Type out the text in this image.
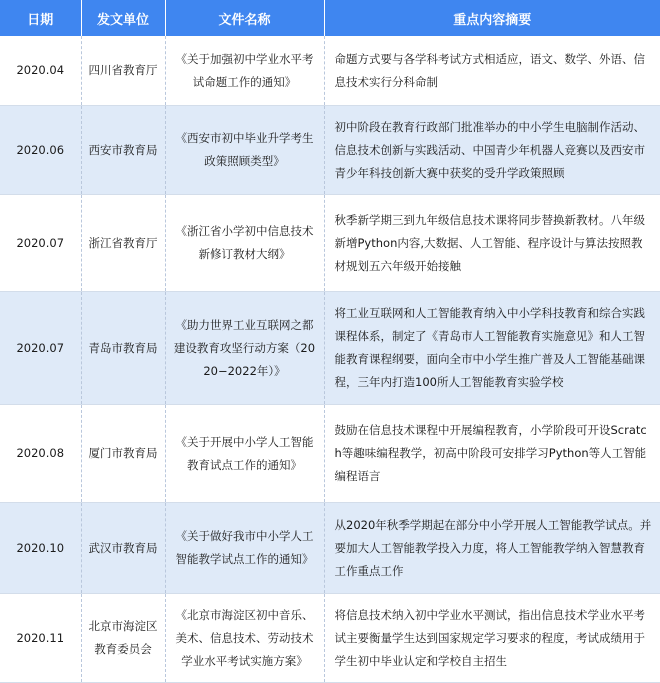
日期	发文单位	文件名称	重点内容摘要
2020.04	四川省教育厅	《关于加强初中学业水平考试命题工作的通知》	命题方式要与各学科考试方式相适应，语文、数学、外语、信息技术实行分科命制
2020.06	西安市教育局	《西安市初中毕业升学考生政策照顾类型》	初中阶段在教育行政部门批准举办的中小学生电脑制作活动、信息技术创新与实践活动、中国青少年机器人竞赛以及西安市青少年科技创新大赛中获奖的受升学政策照顾
2020.07	浙江省教育厅	《浙江省小学初中信息技术新修订教材大纲》	秋季新学期三到九年级信息技术课将同步替换新教材。八年级新增Python内容,大数据、人工智能、程序设计与算法按照教材规划五六年级开始接触
2020.07	青岛市教育局	《助力世界工业互联网之都建设教育攻坚行动方案（2020−2022年）》	将工业互联网和人工智能教育纳入中小学科技教育和综合实践课程体系，制定了《青岛市人工智能教育实施意见》和人工智能教育课程纲要，面向全市中小学生推广普及人工智能基础课程，三年内打造100所人工智能教育实验学校
2020.08	厦门市教育局	《关于开展中小学人工智能教育试点工作的通知》	鼓励在信息技术课程中开展编程教育，小学阶段可开设Scratch等趣味编程教学，初高中阶段可安排学习Python等人工智能编程语言
2020.10	武汉市教育局	《关于做好我市中小学人工智能教学试点工作的通知》	从2020年秋季学期起在部分中小学开展人工智能教学试点。并要加大人工智能教学投入力度，将人工智能教学纳入智慧教育工作重点工作
2020.11	北京市海淀区教育委员会	《北京市海淀区初中音乐、美术、信息技术、劳动技术学业水平考试实施方案》	将信息技术纳入初中学业水平测试，指出信息技术学业水平考试主要衡量学生达到国家规定学习要求的程度，考试成绩用于学生初中毕业认定和学校自主招生
